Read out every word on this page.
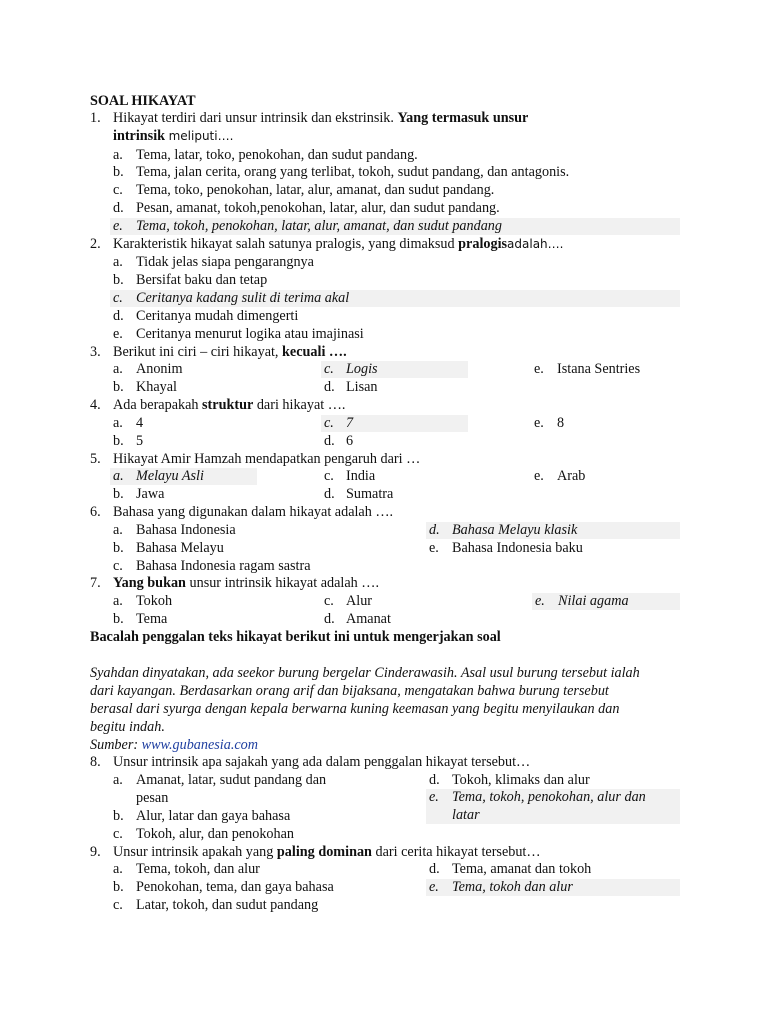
SOAL HIKAYAT
1. Hikayat terdiri dari unsur intrinsik dan ekstrinsik. Yang termasuk unsur
intrinsik meliputi….
a. Tema, latar, toko, penokohan, dan sudut pandang.
b. Tema, jalan cerita, orang yang terlibat, tokoh, sudut pandang, dan antagonis.
c. Tema, toko, penokohan, latar, alur, amanat, dan sudut pandang.
d. Pesan, amanat, tokoh,penokohan, latar, alur, dan sudut pandang.
e. Tema, tokoh, penokohan, latar, alur, amanat, dan sudut pandang
2. Karakteristik hikayat salah satunya pralogis, yang dimaksud pralogisadalah….
a. Tidak jelas siapa pengarangnya
b. Bersifat baku dan tetap
c. Ceritanya kadang sulit di terima akal
d. Ceritanya mudah dimengerti
e. Ceritanya menurut logika atau imajinasi
3. Berikut ini ciri – ciri hikayat, kecuali ….
a. Anonim	c. Logis	e. Istana Sentries
b. Khayal	d. Lisan
4. Ada berapakah struktur dari hikayat ….
a. 4	c. 7	e. 8
b. 5	d. 6
5. Hikayat Amir Hamzah mendapatkan pengaruh dari …
a. Melayu Asli	c. India	e. Arab
b. Jawa	d. Sumatra
6. Bahasa yang digunakan dalam hikayat adalah ….
a. Bahasa Indonesia	d. Bahasa Melayu klasik
b. Bahasa Melayu	e. Bahasa Indonesia baku
c. Bahasa Indonesia ragam sastra
7. Yang bukan unsur intrinsik hikayat adalah ….
a. Tokoh	c. Alur	e. Nilai agama
b. Tema	d. Amanat
Bacalah penggalan teks hikayat berikut ini untuk mengerjakan soal
Syahdan dinyatakan, ada seekor burung bergelar Cinderawasih. Asal usul burung tersebut ialah
dari kayangan. Berdasarkan orang arif dan bijaksana, mengatakan bahwa burung tersebut
berasal dari syurga dengan kepala berwarna kuning keemasan yang begitu menyilaukan dan
begitu indah.
Sumber: www.gubanesia.com
8. Unsur intrinsik apa sajakah yang ada dalam penggalan hikayat tersebut…
a. Amanat, latar, sudut pandang dan
pesan
d. Tokoh, klimaks dan alur
e. Tema, tokoh, penokohan, alur dan
latar
b. Alur, latar dan gaya bahasa
c. Tokoh, alur, dan penokohan
9. Unsur intrinsik apakah yang paling dominan dari cerita hikayat tersebut…
a. Tema, tokoh, dan alur	d. Tema, amanat dan tokoh
b. Penokohan, tema, dan gaya bahasa	e. Tema, tokoh dan alur
c. Latar, tokoh, dan sudut pandang
